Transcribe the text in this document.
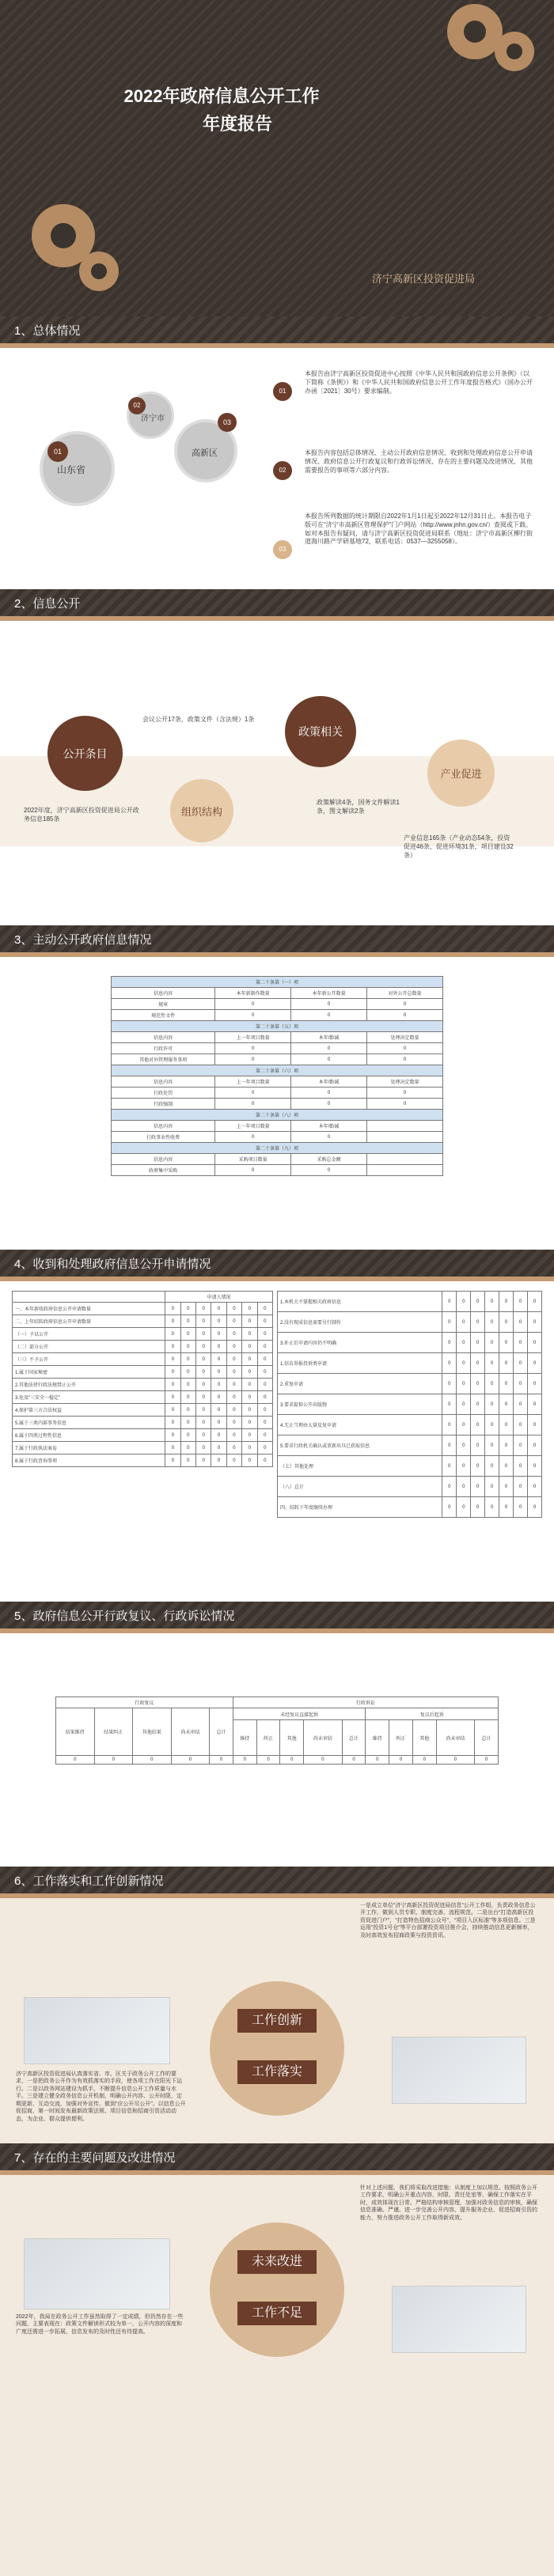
2022年政府信息公开工作
年度报告
济宁高新区投资促进局
1、 总体情况
山东省
01
济宁市
02
高新区
03
01
本报告由济宁高新区投资促进中心按照《中华人民共和国政府信息公开条例》（以下简称《条例》）和《中华人民共和国政府信息公开工作年度报告格式》（国办公开办函〔2021〕30号）要求编制。
02
本报告内容包括总体情况、主动公开政府信息情况、收到和处理政府信息公开申请情况、政府信息公开行政复议和行政诉讼情况、存在的主要问题及改进情况、其他需要报告的事项等六部分内容。
03
本报告所列数据的统计期限自2022年1月1日起至2022年12月31日止。本报告电子版可在“济宁市高新区管理保护”门户网站（http://www.jnhn.gov.cn/）查阅或下载。如对本报告有疑问，请与济宁高新区投资促进局联系（地址：济宁市高新区柳行街道海川路产学研基地72，联系电话：0537—3255058）。
2、 信息公开
公开条目
组织结构
政策相关
产业促进
2022年度，济宁高新区投资促进局公开政务信息185条
会议公开17条，政策文件（含法规）1条
政策解读4条，国务文件解读1条，图文解读2条
产业信息165条（产业动态54条，投资促进46条，促进环境31条，项目建设32条）
3、 主动公开政府信息情况
第二十条第（一）项			
信息内容	本年新制作数量	本年新公开数量	对外公开总数量
规章	0	0	0
规范性文件	0	0	0
第二十条第（五）项			
信息内容	上一年项目数量	本年增/减	处理决定数量
行政许可	0	0	0
其他对外管理服务事项	0	0	0
第二十条第（六）项			
信息内容	上一年项目数量	本年增/减	处理决定数量
行政处罚	0	0	0
行政强制	0	0	0
第二十条第（八）项			
信息内容	上一年项目数量	本年增/减	
行政事业性收费	0	0	
第二十条第（九）项			
信息内容	采购项目数量	采购总金额	
政府集中采购	0	0	
4、 收到和处理政府信息公开申请情况
	申请人情况						
一、本年新收政府信息公开申请数量	0	0	0	0	0	0	0
二、上年结转政府信息公开申请数量	0	0	0	0	0	0	0
（一）予以公开	0	0	0	0	0	0	0
（二）部分公开	0	0	0	0	0	0	0
（三）不予公开	0	0	0	0	0	0	0
1.属于国家秘密	0	0	0	0	0	0	0
2.其他法律行政法规禁止公开	0	0	0	0	0	0	0
3.危及“三安全一稳定”	0	0	0	0	0	0	0
4.保护第三方合法权益	0	0	0	0	0	0	0
5.属于三类内部事务信息	0	0	0	0	0	0	0
6.属于四类过程性信息	0	0	0	0	0	0	0
7.属于行政执法案卷	0	0	0	0	0	0	0
8.属于行政查询事项	0	0	0	0	0	0	0
1.本机关不掌握相关政府信息	0	0	0	0	0	0	0
2.没有现成信息需要另行制作	0	0	0	0	0	0	0
3.补正后申请内容仍不明确	0	0	0	0	0	0	0
1.信访举报投诉类申请	0	0	0	0	0	0	0
2.重复申请	0	0	0	0	0	0	0
3.要求提供公开出版物	0	0	0	0	0	0	0
4.无正当理由大量反复申请	0	0	0	0	0	0	0
5.要求行政机关确认或重新出具已获取信息	0	0	0	0	0	0	0
（七）其他处理	0	0	0	0	0	0	0
（八）总计	0	0	0	0	0	0	0
四、结转下年度继续办理	0	0	0	0	0	0	0
5、 政府信息公开行政复议、行政诉讼情况
行政复议					行政诉讼									
结果维持	结果纠正	其他结果	尚未审结	总计	未经复议直接起诉					复议后起诉				
					维持	纠正	其他	尚未审结	总计	维持	纠正	其他	尚未审结	总计
0	0	0	0	0	0	0	0	0	0	0	0	0	0	0
6、 工作落实和工作创新情况
工作创新
工作落实
一是成立单位“济宁高新区投资促进局信息”公开工作组，负责政务信息公开工作，做到人员专职、制度完善、流程规范。二是出台“打造高新区投资促进门户”，“打造特色招商公众号”，“项目入区标准”等多项信息。三是运用“投资1号仓”等平台部署投资项目推介会，持续推动信息更新频率，及时高效发布招商政策与投资资讯。
济宁高新区投资促进局认真落实省、市、区关于政务公开工作的要求，一是把政务公开作为有效抓落实的手段，使各项工作在阳光下运行。二是以政务网站建设为抓手，不断提升信息公开工作质量与水平。三是建立健全政务信息公开机制，明确公开内容、公开时限，定期更新、互动交流，加强对外宣传，做到“应公开尽公开”。以信息公开促招商，第一时间发布最新政策法规、项目信息和招商引资活动动态，为企业、群众提供便利。
7、 存在的主要问题及改进情况
未来改进
工作不足
针对上述问题，我们将采取改进措施：从制度上加以规范。按照政务公开工作要求，明确公开重点内容，时限、责任处室等，确保工作落实在平时，成效体现在日常。严格结构审核管理，加强对政务信息的审核，确保信息准确、严谨。进一步完善公开内容，提升服务企业、促进招商引资的能力，努力推进政务公开工作取得新成效。
2022年，我局在政务公开工作虽然取得了一定成绩，但仍然存在一些问题，主要表现在：政策文件解读形式较为单一，公开内容的深度和广度还需进一步拓展，信息发布的及时性还有待提高。
